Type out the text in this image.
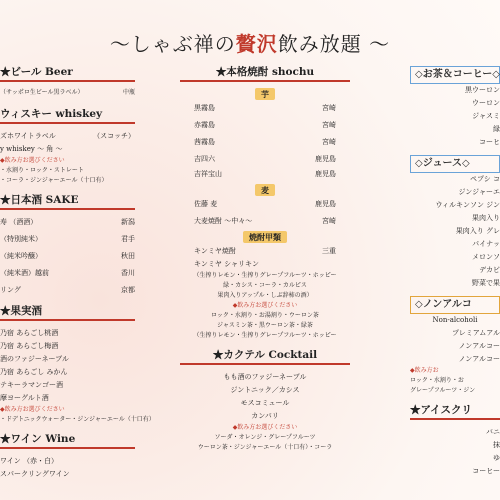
～しゃぶ禅の贅沢飲み放題 ～
★ビール Beer
（サッポロ生ビール黒ラベル）	中瓶
ウィスキー whiskey
ズホワイトラベル	（スコッチ）
y whiskey ～ 角 ～
◆飲み方お選びください
・水割り・ロック・ストレート
・コーラ・ジンジャーエール（十口有）
★日本酒 SAKE
寿 （酒酒）	新潟
（特別純米）	君手
（純米吟醸）	秋田
（純米酒）越前	香川
リング	京都
★果実酒
乃宿 あらごし桃酒
乃宿 あらごし梅酒
酒のファジーネーブル
乃宿 あらごし みかん
テキーラマンゴー酒
摩ヨーグルト酒
◆飲み方お選びください
・ドデトニックウォーター・ジンジャーエール（十口有）
★ワイン Wine
ワイン （赤・白）
スパークリングワイン
★本格焼酎 shochu
芋
黒霧島	宮崎
赤霧島	宮崎
茜霧島	宮崎
吉四六	鹿児島
吉祥宝山	鹿児島
麦
佐藤 麦	鹿児島
大麦焼酎 ～中々～	宮崎
焼酎甲類
キンミヤ焼酎	三重
キンミヤ シャリキン
（生搾りレモン・生搾りグレープフルーツ・ホッピー
緑・カシス・コーラ・カルピス
果肉入りアップル・しぶ辞柿の酒）
◆飲み方お選びください
ロック・水割り・お湯割り・ウーロン茶
ジャスミン茶・黒ウーロン茶・緑茶
（生搾りレモン・生搾りグレープフルーツ・ホッピー
★カクテル Cocktail
もも酒のファジーネーブル
ジントニック／カシス
モスコミュール
カンパリ
◆飲み方お選びください
ソーダ・オレンジ・グレープフルーツ
ウーロン茶・ジンジャーエール（十口有）・コーラ
◇お茶＆コーヒー◇
黒ウーロン
ウーロン
ジャスミ
緑
コーヒ
◇ジュース◇
ペプシ コ
ジンジャーエ
ウィルキンソン ジン
果肉入り
果肉入り グレ
パイナッ
メロンソ
デカビ
野菜で果
◇ノンアルコ
Non-alcoholi
プレミアムアル
ノンアルコー
ノンアルコー
◆飲み方お
ロック・水割り・お
グレープフルーツ・ジン
★アイスクリ
バニ
抹
ゆ
コーヒー
